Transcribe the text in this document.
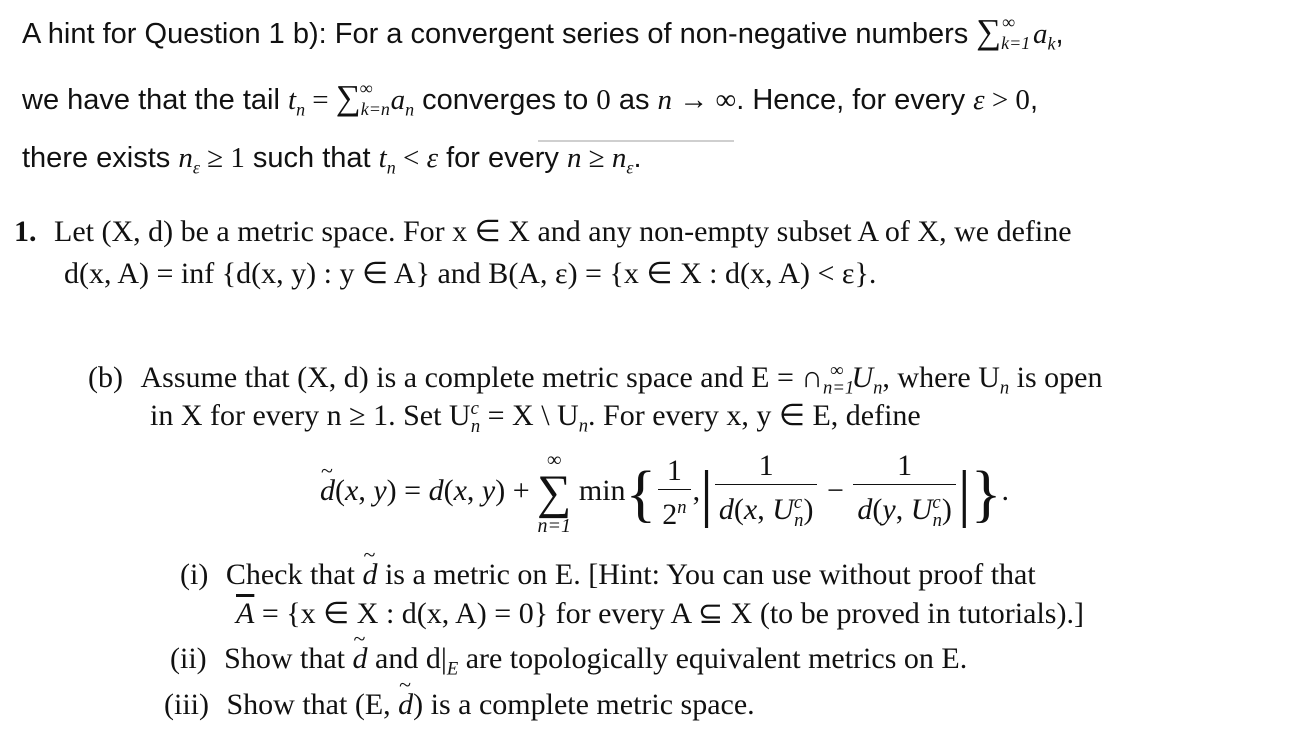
A hint for Question 1 b): For a convergent series of non-negative numbers $\sum_{k=1}^\infty$ $a_k$,
we have that the tail $t_n = \sum_{k=n}^\infty$ $a_n$ converges to 0 as n → ∞. Hence, for every ε > 0,
there exists $n_\varepsilon \ge 1$ such that $t_n < \varepsilon$ for every $n \ge n_\varepsilon$.
1. Let (X, d) be a metric space. For x ∈ X and any non-empty subset A of X, we define
d(x, A) = inf {d(x, y) : y ∈ A} and B(A, ε) = {x ∈ X : d(x, A) < ε}.
(b) Assume that (X, d) is a complete metric space and $E = \cap_{n=1}^\infty$ $U_n$, where $U_n$ is open
in X for every n ≥ 1. Set $U^c_n = X$ \ $U_n$. For every x, y ∈ E, define
~ d(x, y) = d(x, y) +
∞
∑
n=1
$\min\{ \frac{1}{2^n}$ ,| $\frac{1}{d(x, U^c_n)} - \frac{1}{d(y, U^c_n)}$ |}.
(i) Check that ~ d is a metric on E. [Hint: You can use without proof that
$\overline{A} = \{x$ ∈ X : d(x, A) = 0} for every A ⊆ X (to be proved in tutorials).]
(ii) Show that ~ d and $d|_E$ are topologically equivalent metrics on E.
(iii) Show that (E, ~ d) is a complete metric space.
